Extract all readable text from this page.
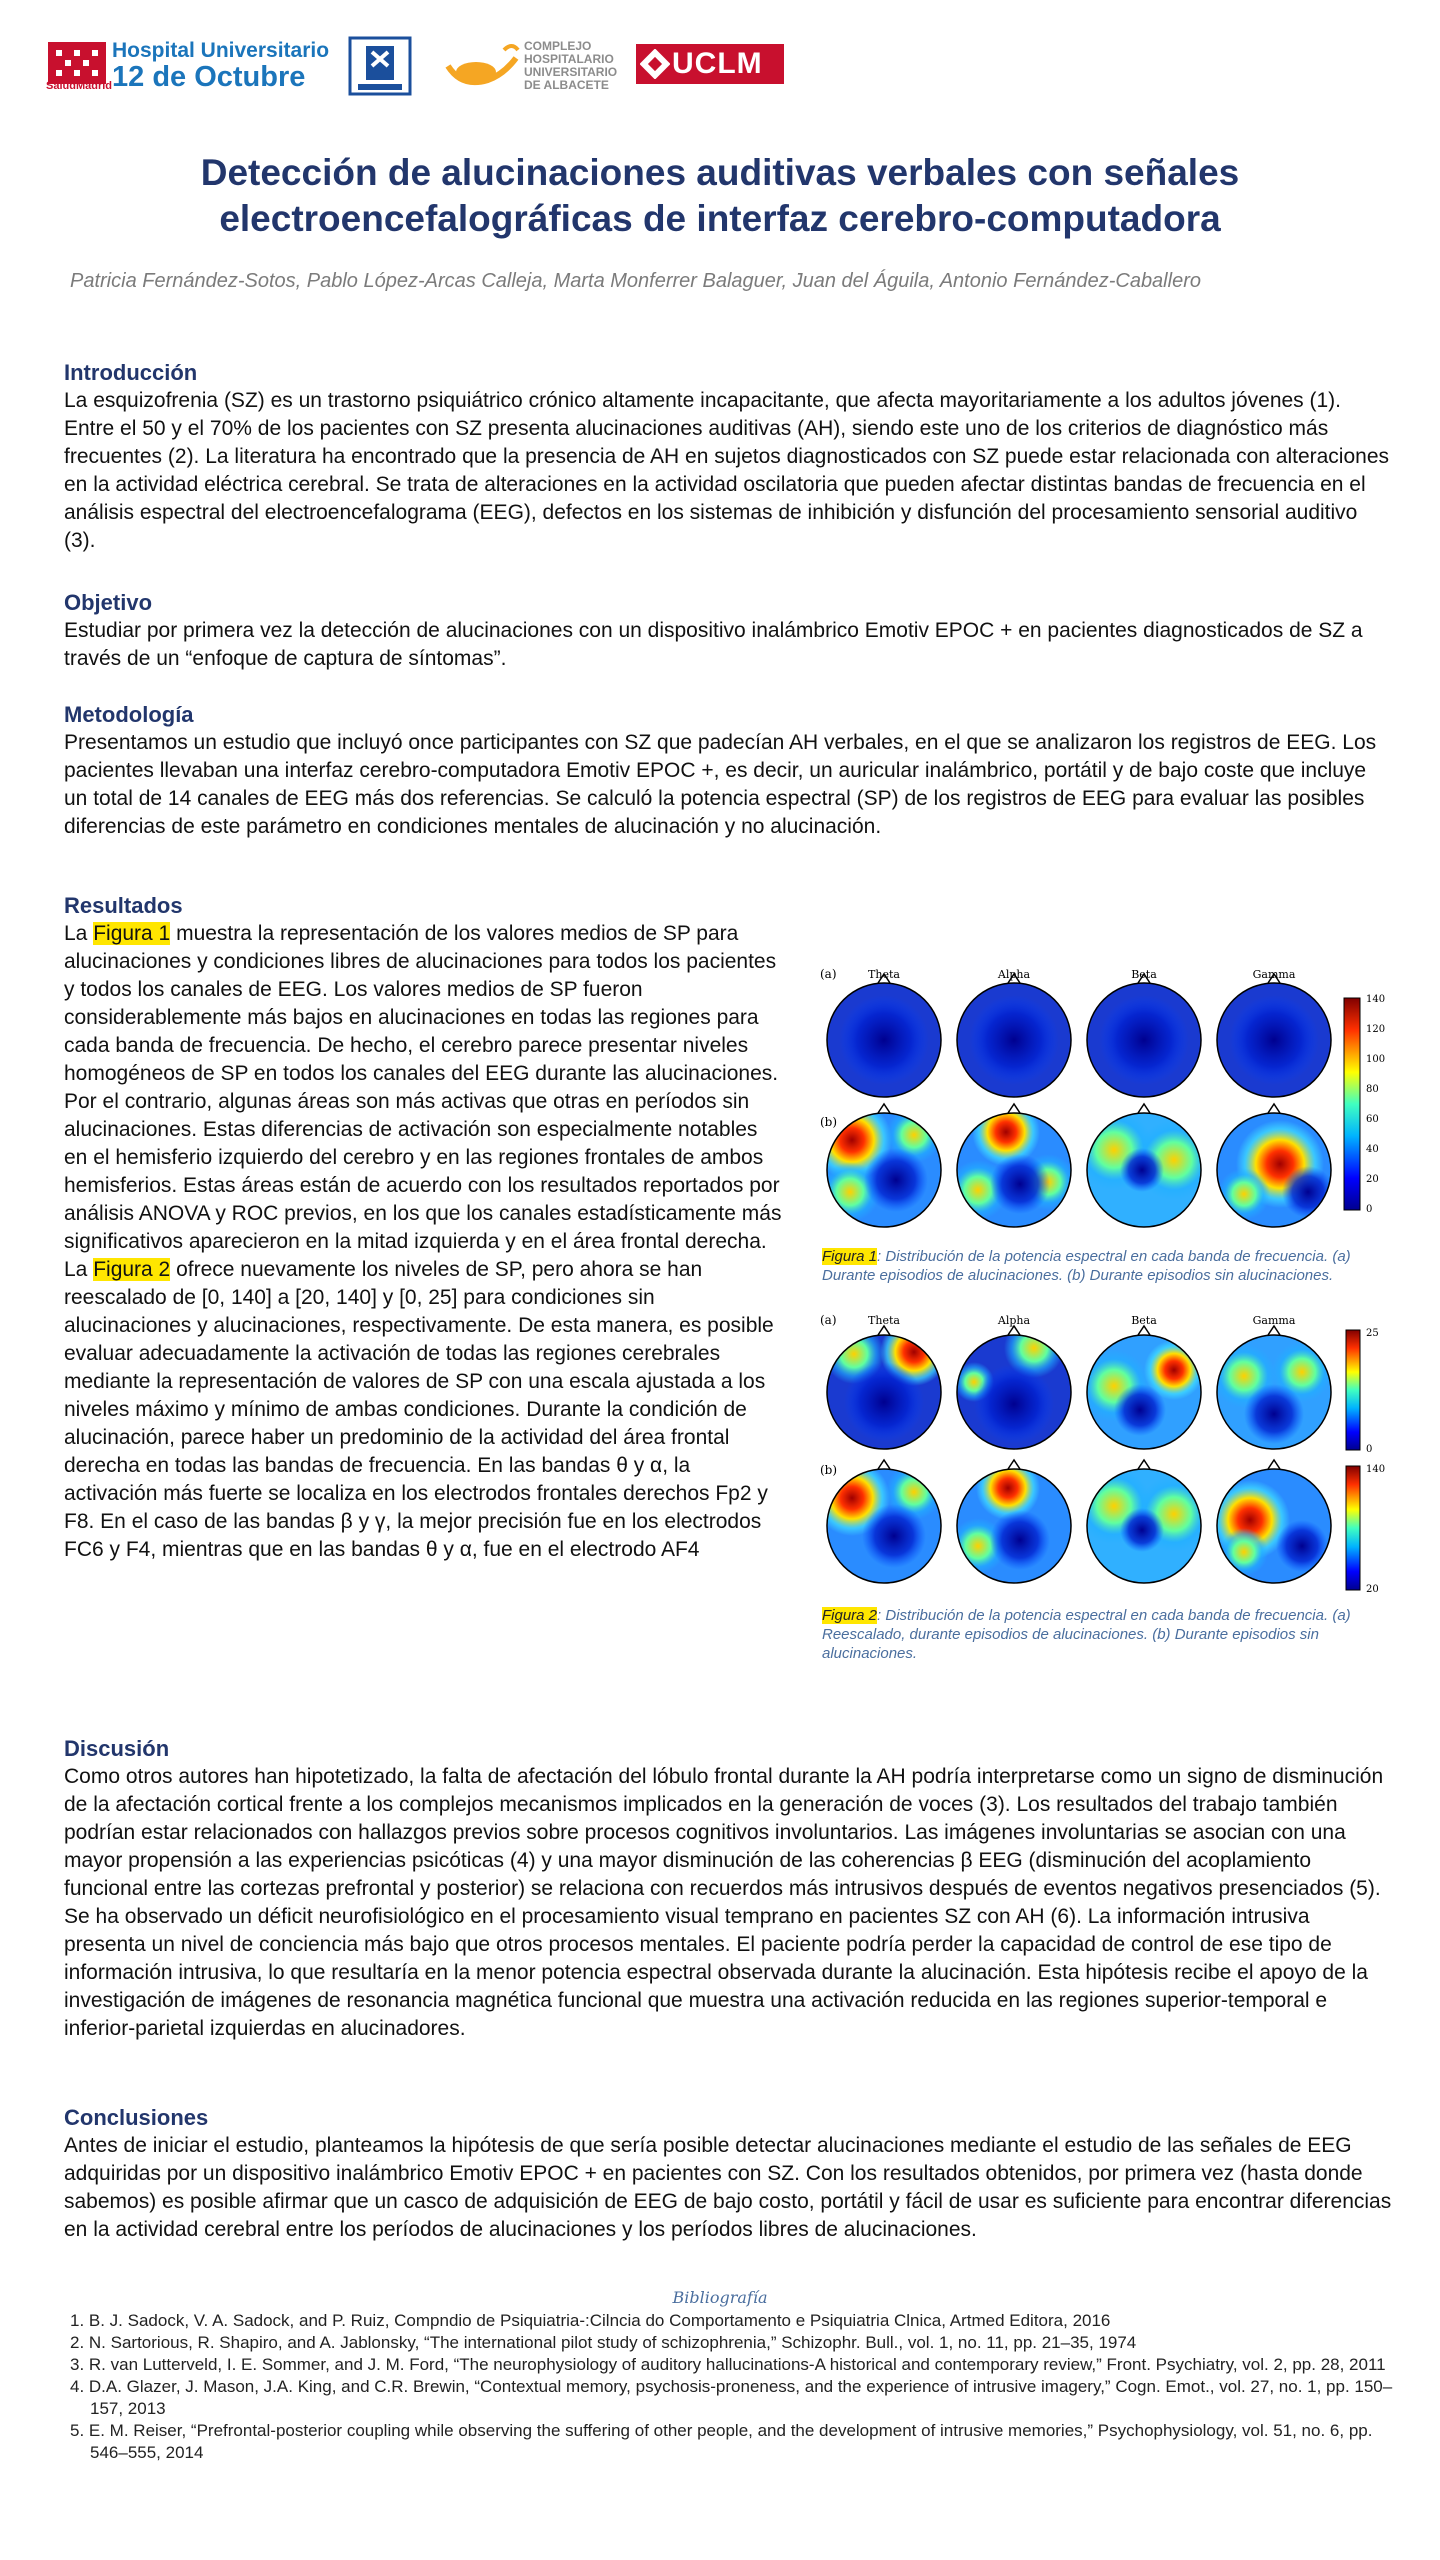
SaludMadrid
Hospital Universitario
12 de Octubre
COMPLEJO
HOSPITALARIO
UNIVERSITARIO
DE ALBACETE
UCLM
Detección de alucinaciones auditivas verbales con señales
electroencefalográficas de interfaz cerebro-computadora
Patricia Fernández-Sotos, Pablo López-Arcas Calleja, Marta Monferrer Balaguer, Juan del Águila, Antonio Fernández-Caballero
Introducción
La esquizofrenia (SZ) es un trastorno psiquiátrico crónico altamente incapacitante, que afecta mayoritariamente a los adultos jóvenes (1). Entre el 50 y el 70% de los pacientes con SZ presenta alucinaciones auditivas (AH), siendo este uno de los criterios de diagnóstico más frecuentes (2). La literatura ha encontrado que la presencia de AH en sujetos diagnosticados con SZ puede estar relacionada con alteraciones en la actividad eléctrica cerebral. Se trata de alteraciones en la actividad oscilatoria que pueden afectar distintas bandas de frecuencia en el análisis espectral del electroencefalograma (EEG), defectos en los sistemas de inhibición y disfunción del procesamiento sensorial auditivo (3).
Objetivo
Estudiar por primera vez la detección de alucinaciones con un dispositivo inalámbrico Emotiv EPOC + en pacientes diagnosticados de SZ a través de un “enfoque de captura de síntomas”.
Metodología
Presentamos un estudio que incluyó once participantes con SZ que padecían AH verbales, en el que se analizaron los registros de EEG. Los pacientes llevaban una interfaz cerebro-computadora Emotiv EPOC +, es decir, un auricular inalámbrico, portátil y de bajo coste que incluye un total de 14 canales de EEG más dos referencias. Se calculó la potencia espectral (SP) de los registros de EEG para evaluar las posibles diferencias de este parámetro en condiciones mentales de alucinación y no alucinación.
Resultados
La Figura 1 muestra la representación de los valores medios de SP para alucinaciones y condiciones libres de alucinaciones para todos los pacientes y todos los canales de EEG. Los valores medios de SP fueron considerablemente más bajos en alucinaciones en todas las regiones para cada banda de frecuencia. De hecho, el cerebro parece presentar niveles homogéneos de SP en todos los canales del EEG durante las alucinaciones. Por el contrario, algunas áreas son más activas que otras en períodos sin alucinaciones. Estas diferencias de activación son especialmente notables en el hemisferio izquierdo del cerebro y en las regiones frontales de ambos hemisferios. Estas áreas están de acuerdo con los resultados reportados por análisis ANOVA y ROC previos, en los que los canales estadísticamente más significativos aparecieron en la mitad izquierda y en el área frontal derecha.
La Figura 2 ofrece nuevamente los niveles de SP, pero ahora se han reescalado de [0, 140] a [20, 140] y [0, 25] para condiciones sin alucinaciones y alucinaciones, respectivamente. De esta manera, es posible evaluar adecuadamente la activación de todas las regiones cerebrales mediante la representación de valores de SP con una escala ajustada a los niveles máximo y mínimo de ambas condiciones. Durante la condición de alucinación, parece haber un predominio de la actividad del área frontal derecha en todas las bandas de frecuencia. En las bandas θ y α, la activación más fuerte se localiza en los electrodos frontales derechos Fp2 y F8. En el caso de las bandas β y γ, la mejor precisión fue en los electrodos FC6 y F4, mientras que en las bandas θ y α, fue en el electrodo AF4
(a)
(b)
Theta	Alpha	Beta	Gamma
140
120
100
80
60
40
20
0
Figura 1: Distribución de la potencia espectral en cada banda de frecuencia. (a) Durante episodios de alucinaciones. (b) Durante episodios sin alucinaciones.
(a)
(b)
Theta	Alpha	Beta	Gamma
25
0
140
20
Figura 2: Distribución de la potencia espectral en cada banda de frecuencia. (a) Reescalado, durante episodios de alucinaciones. (b) Durante episodios sin alucinaciones.
Discusión
Como otros autores han hipotetizado, la falta de afectación del lóbulo frontal durante la AH podría interpretarse como un signo de disminución de la afectación cortical frente a los complejos mecanismos implicados en la generación de voces (3). Los resultados del trabajo también podrían estar relacionados con hallazgos previos sobre procesos cognitivos involuntarios. Las imágenes involuntarias se asocian con una mayor propensión a las experiencias psicóticas (4) y una mayor disminución de las coherencias β EEG (disminución del acoplamiento funcional entre las cortezas prefrontal y posterior) se relaciona con recuerdos más intrusivos después de eventos negativos presenciados (5). Se ha observado un déficit neurofisiológico en el procesamiento visual temprano en pacientes SZ con AH (6). La información intrusiva presenta un nivel de conciencia más bajo que otros procesos mentales. El paciente podría perder la capacidad de control de ese tipo de información intrusiva, lo que resultaría en la menor potencia espectral observada durante la alucinación. Esta hipótesis recibe el apoyo de la investigación de imágenes de resonancia magnética funcional que muestra una activación reducida en las regiones superior-temporal e inferior-parietal izquierdas en alucinadores.
Conclusiones
Antes de iniciar el estudio, planteamos la hipótesis de que sería posible detectar alucinaciones mediante el estudio de las señales de EEG adquiridas por un dispositivo inalámbrico Emotiv EPOC + en pacientes con SZ. Con los resultados obtenidos, por primera vez (hasta donde sabemos) es posible afirmar que un casco de adquisición de EEG de bajo costo, portátil y fácil de usar es suficiente para encontrar diferencias en la actividad cerebral entre los períodos de alucinaciones y los períodos libres de alucinaciones.
Bibliografía
1. B. J. Sadock, V. A. Sadock, and P. Ruiz, Compndio de Psiquiatria-:Cilncia do Comportamento e Psiquiatria Clnica, Artmed Editora, 2016
2. N. Sartorious, R. Shapiro, and A. Jablonsky, “The international pilot study of schizophrenia,” Schizophr. Bull., vol. 1, no. 11, pp. 21–35, 1974
3. R. van Lutterveld, I. E. Sommer, and J. M. Ford, “The neurophysiology of auditory hallucinations-A historical and contemporary review,” Front. Psychiatry, vol. 2, pp. 28, 2011
4. D.A. Glazer, J. Mason, J.A. King, and C.R. Brewin, “Contextual memory, psychosis-proneness, and the experience of intrusive imagery,” Cogn. Emot., vol. 27, no. 1, pp. 150–157, 2013
5. E. M. Reiser, “Prefrontal-posterior coupling while observing the suffering of other people, and the development of intrusive memories,” Psychophysiology, vol. 51, no. 6, pp. 546–555, 2014
